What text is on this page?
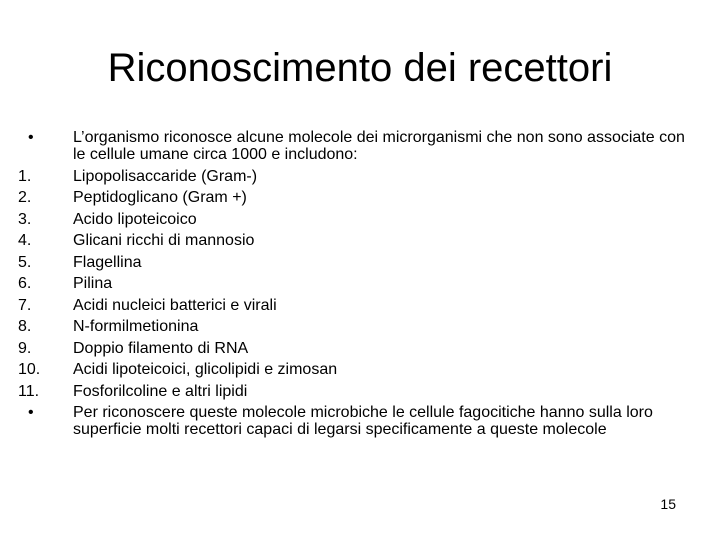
Riconoscimento dei recettori
•	L’organismo riconosce alcune molecole dei microrganismi che non sono associate con le cellule umane circa 1000 e includono:
1.	Lipopolisaccaride (Gram-)
2.	Peptidoglicano (Gram +)
3.	Acido lipoteicoico
4.	Glicani ricchi di mannosio
5.	Flagellina
6.	Pilina
7.	Acidi nucleici batterici e virali
8.	N-formilmetionina
9.	Doppio filamento di RNA
10.	Acidi lipoteicoici, glicolipidi e zimosan
11.	Fosforilcoline e altri lipidi
•	Per riconoscere queste molecole microbiche le cellule fagocitiche hanno sulla loro superficie molti recettori capaci di legarsi specificamente a queste molecole
15
